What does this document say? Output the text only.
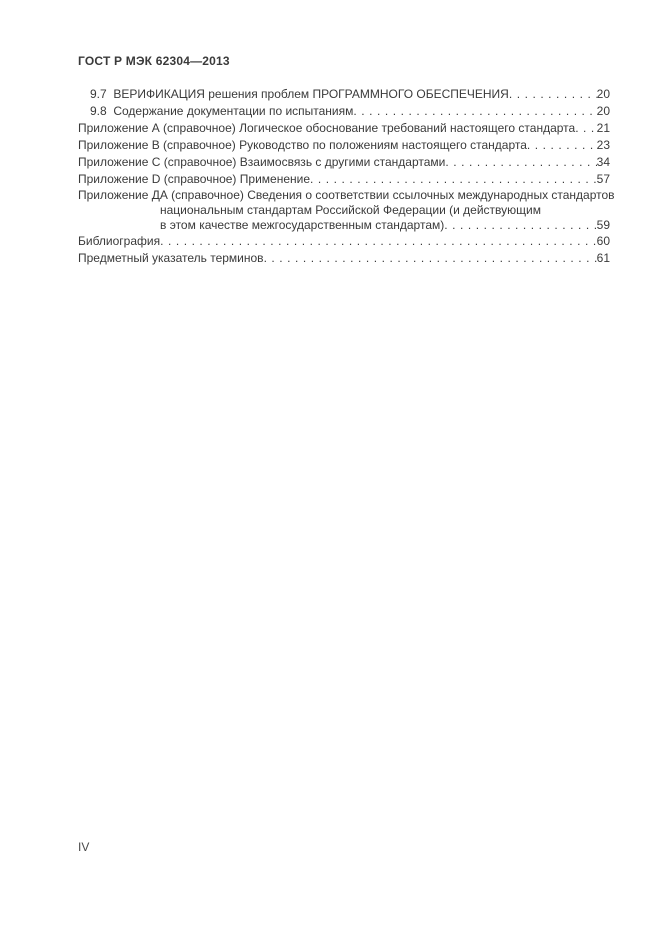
ГОСТ Р МЭК 62304—2013
9.7  ВЕРИФИКАЦИЯ решения проблем ПРОГРАММНОГО ОБЕСПЕЧЕНИЯ . . .	20
9.8  Содержание документации по испытаниям . . .	20
Приложение А (справочное) Логическое обоснование требований настоящего стандарта . . . 21
Приложение В (справочное) Руководство по положениям настоящего стандарта . . .	23
Приложение С (справочное) Взаимосвязь с другими стандартами . . .	34
Приложение D (справочное) Применение . . .	57
Приложение ДА (справочное) Сведения о соответствии ссылочных международных стандартов
национальным стандартам Российской Федерации (и действующим
в этом качестве межгосударственным стандартам) . . .	59
Библиография . . .	60
Предметный указатель терминов . . .	61
IV
